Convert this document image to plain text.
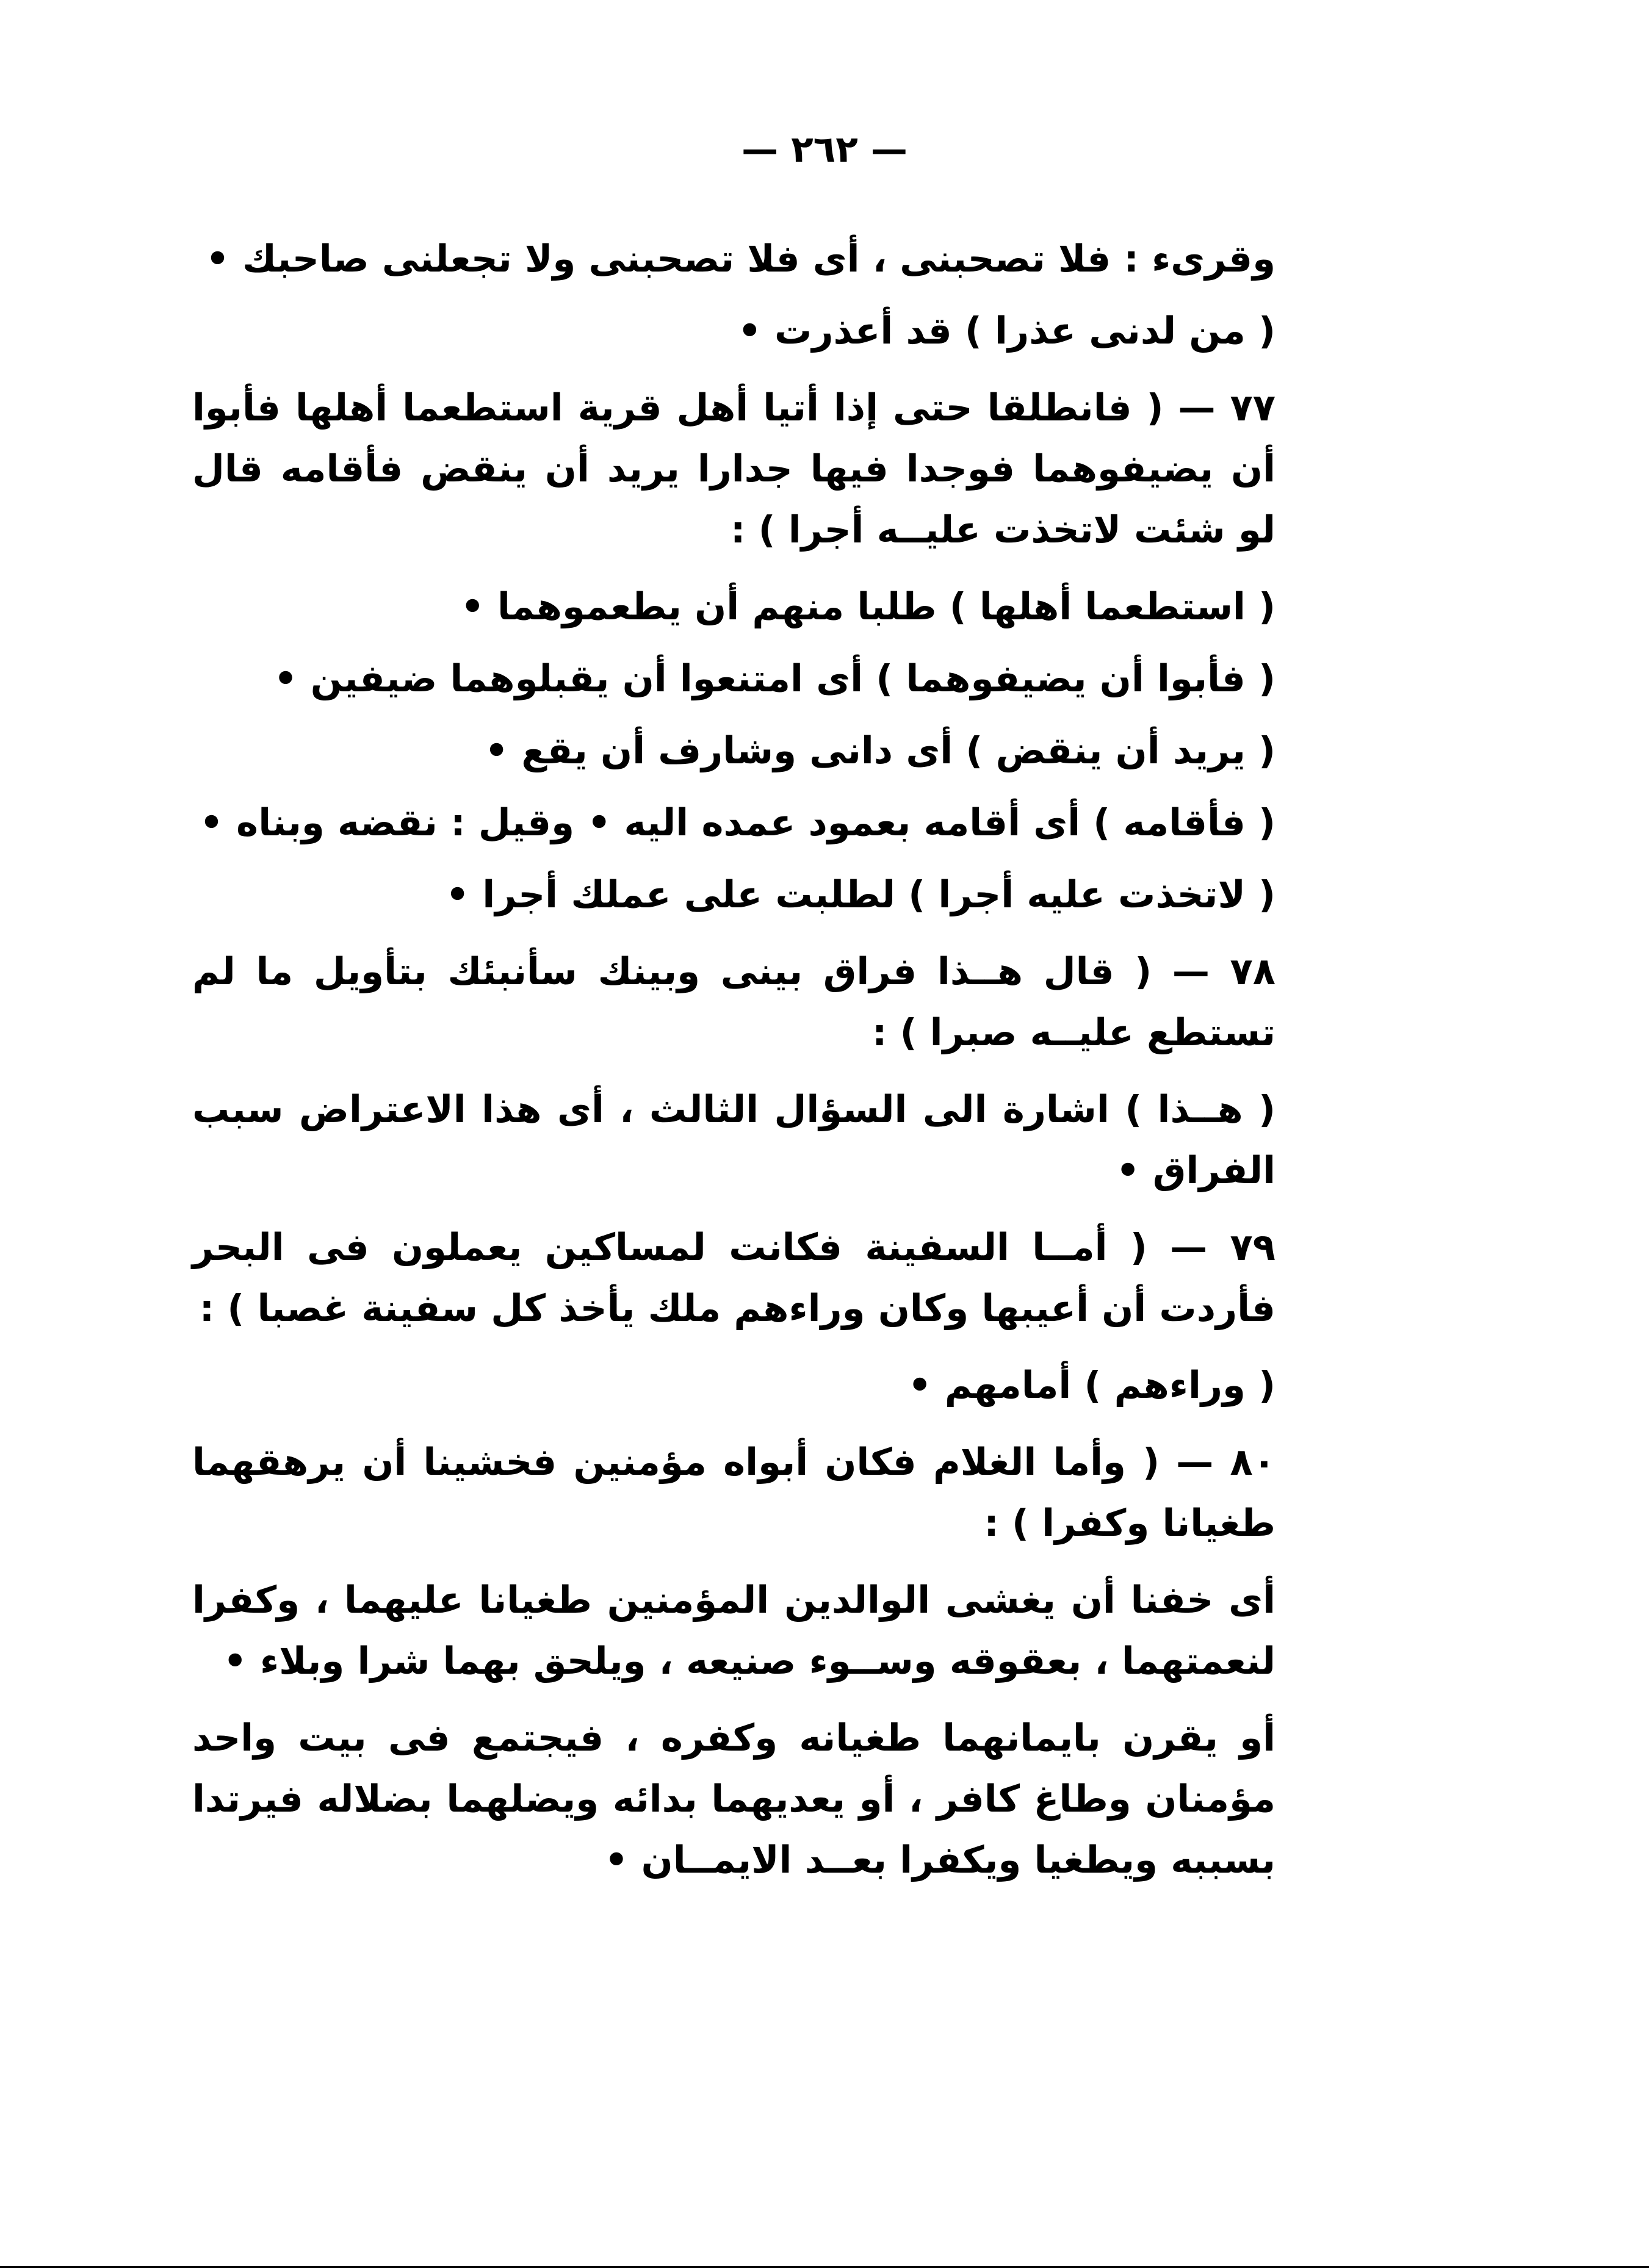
— ٢٦٢ —

وقرىء : فلا تصحبنى ، أى فلا تصحبنى ولا تجعلنى صاحبك •

( من لدنى عذرا ) قد أعذرت •

٧٧ — ( فانطلقا حتى إذا أتيا أهل قرية استطعما أهلها فأبوا أن يضيفوهما فوجدا فيها جدارا يريد أن ينقض فأقامه قال لو شئت لاتخذت عليــه أجرا ) :

( استطعما أهلها ) طلبا منهم أن يطعموهما •

( فأبوا أن يضيفوهما ) أى امتنعوا أن يقبلوهما ضيفين •

( يريد أن ينقض ) أى دانى وشارف أن يقع •

( فأقامه ) أى أقامه بعمود عمده اليه • وقيل : نقضه وبناه •

( لاتخذت عليه أجرا ) لطلبت على عملك أجرا •

٧٨ — ( قال هــذا فراق بينى وبينك سأنبئك بتأويل ما لم تستطع عليــه صبرا ) :

( هــذا ) اشارة الى السؤال الثالث ، أى هذا الاعتراض سبب الفراق •

٧٩ — ( أمــا السفينة فكانت لمساكين يعملون فى البحر فأردت أن أعيبها وكان وراءهم ملك يأخذ كل سفينة غصبا ) :

( وراءهم ) أمامهم •

٨٠ — ( وأما الغلام فكان أبواه مؤمنين فخشينا أن يرهقهما طغيانا وكفرا ) :

أى خفنا أن يغشى الوالدين المؤمنين طغيانا عليهما ، وكفرا لنعمتهما ، بعقوقه وســوء صنيعه ، ويلحق بهما شرا وبلاء •

أو يقرن بايمانهما طغيانه وكفره ، فيجتمع فى بيت واحد مؤمنان وطاغ كافر ، أو يعديهما بدائه ويضلهما بضلاله فيرتدا بسببه ويطغيا ويكفرا بعــد الايمــان •
